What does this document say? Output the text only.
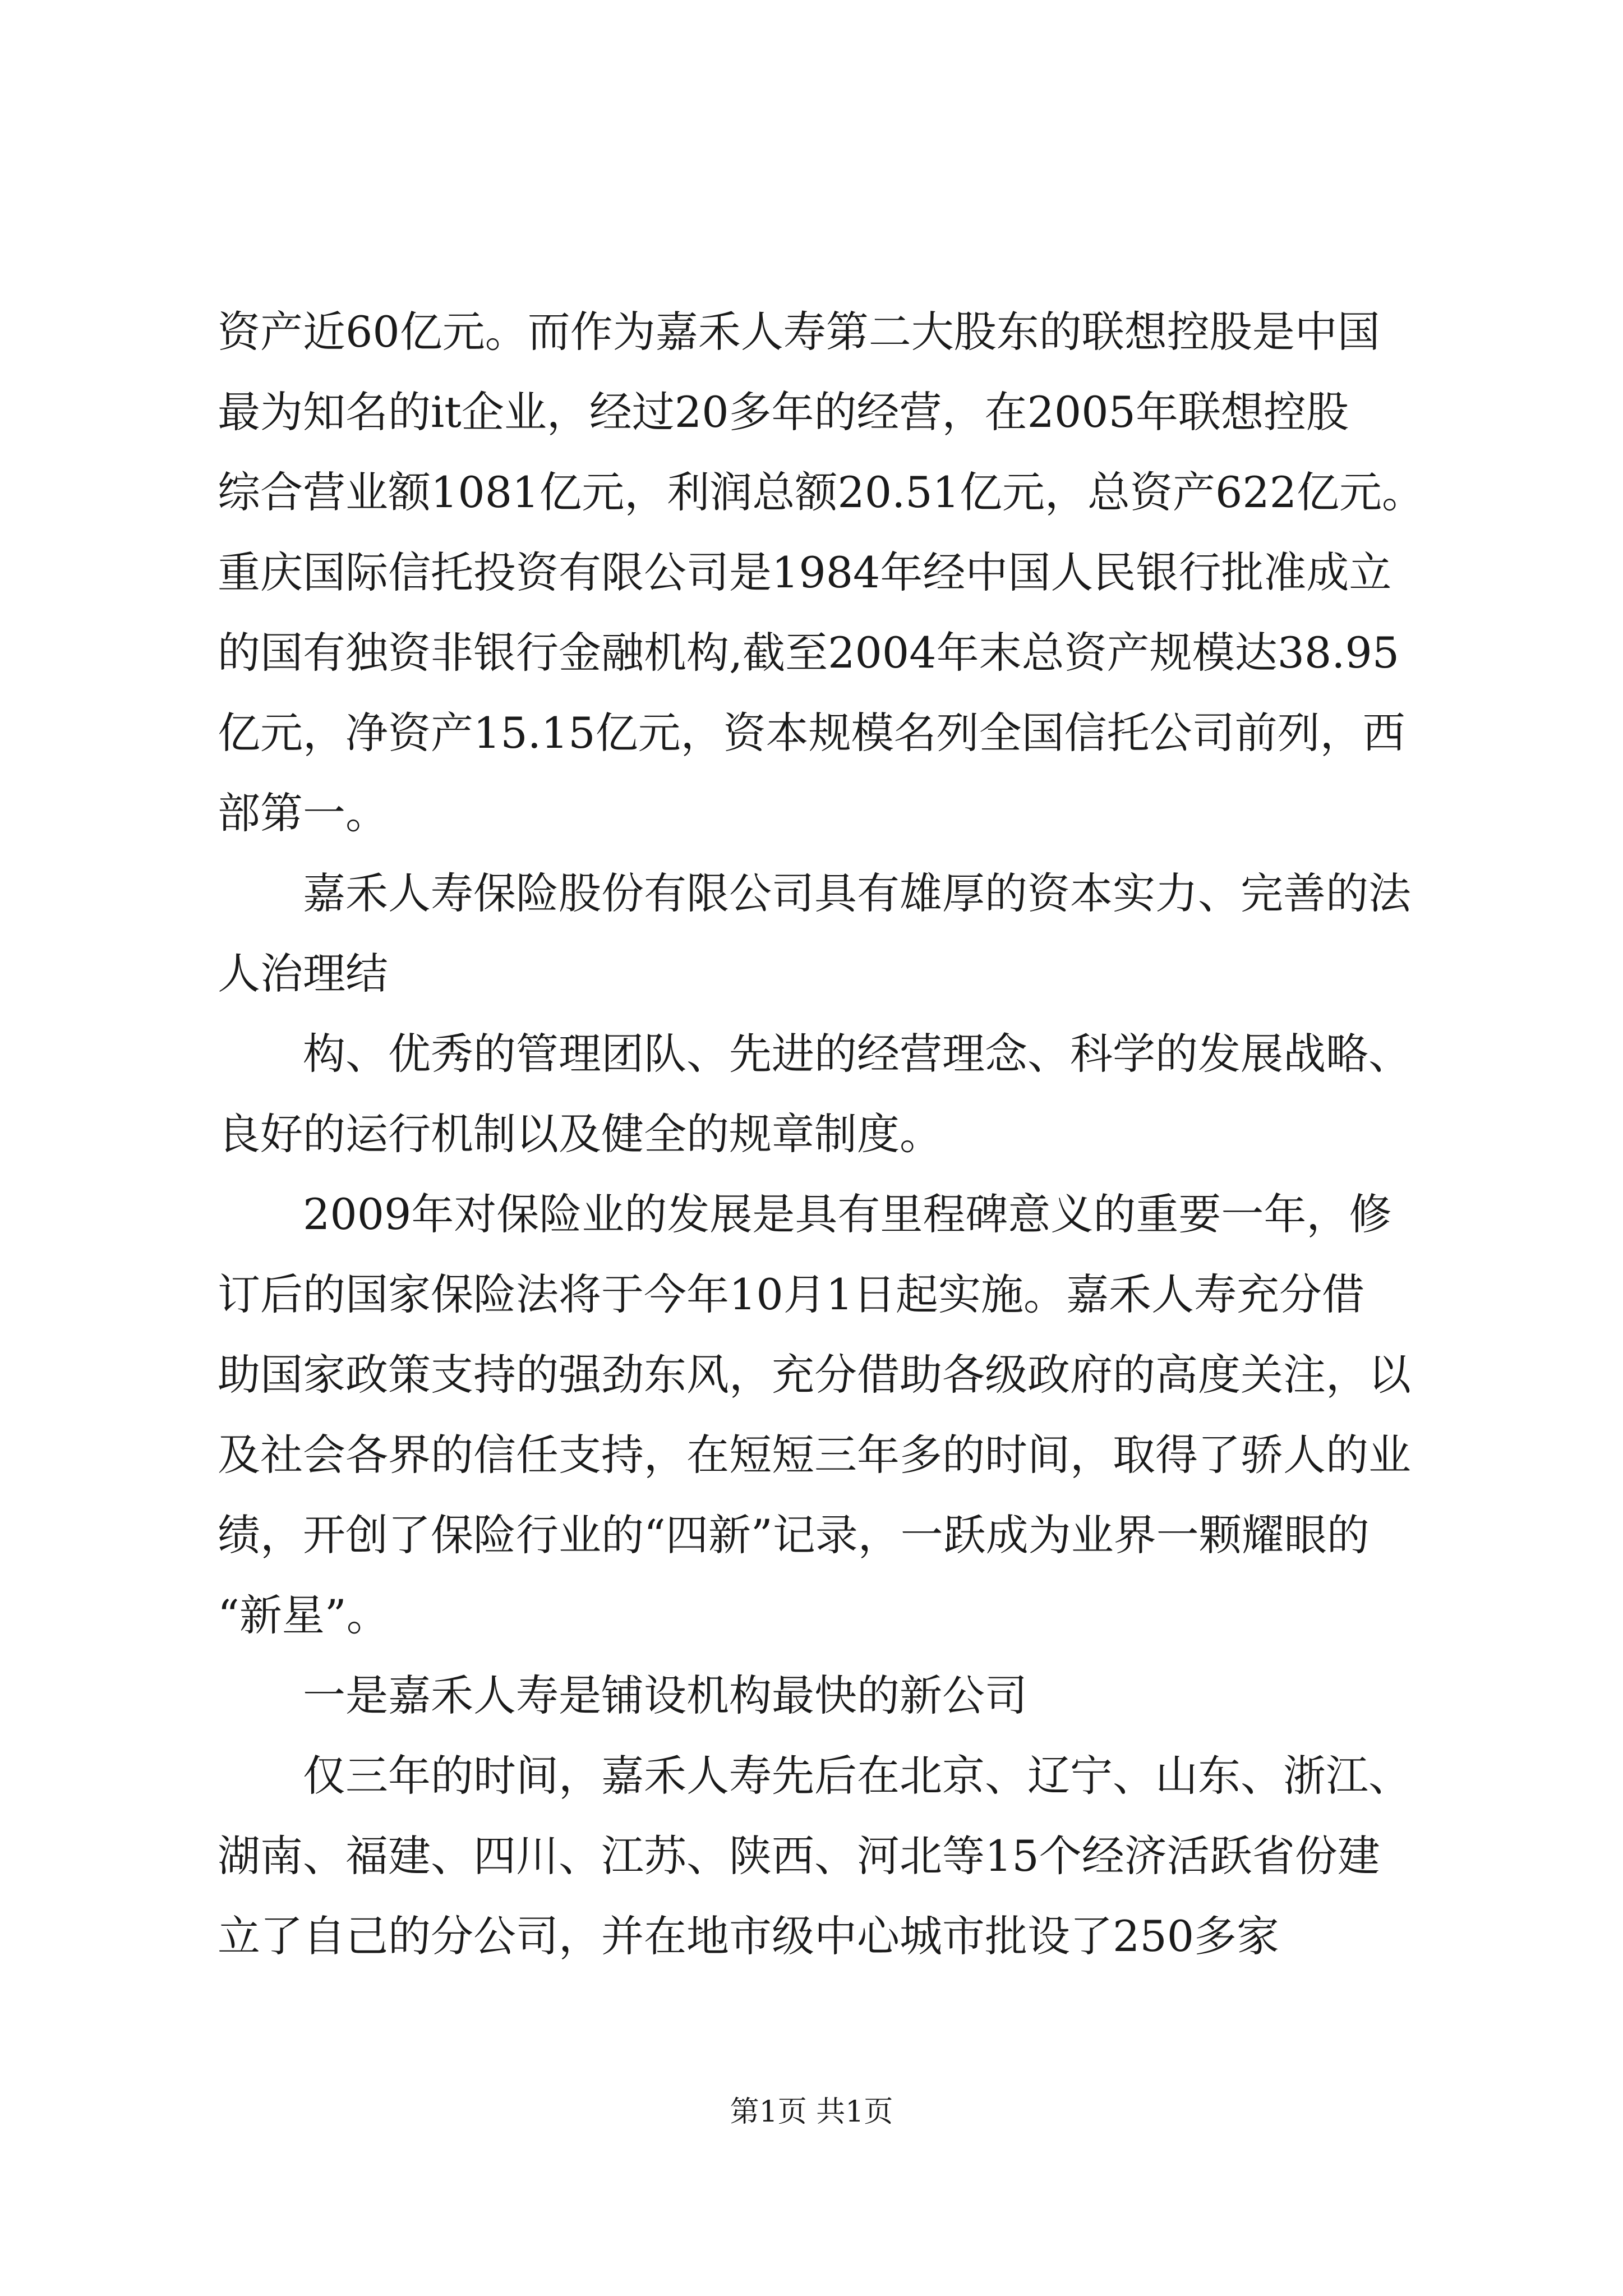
资产近60亿元。而作为嘉禾人寿第二大股东的联想控股是中国
最为知名的it企业，经过20多年的经营，在2005年联想控股
综合营业额1081亿元，利润总额20.51亿元，总资产622亿元。
重庆国际信托投资有限公司是1984年经中国人民银行批准成立
的国有独资非银行金融机构,截至2004年末总资产规模达38.95
亿元，净资产15.15亿元，资本规模名列全国信托公司前列，西
部第一。
嘉禾人寿保险股份有限公司具有雄厚的资本实力、完善的法
人治理结
构、优秀的管理团队、先进的经营理念、科学的发展战略、
良好的运行机制以及健全的规章制度。
2009年对保险业的发展是具有里程碑意义的重要一年，修
订后的国家保险法将于今年10月1日起实施。嘉禾人寿充分借
助国家政策支持的强劲东风，充分借助各级政府的高度关注，以
及社会各界的信任支持，在短短三年多的时间，取得了骄人的业
绩，开创了保险行业的“四新”记录，一跃成为业界一颗耀眼的
“新星”。
一是嘉禾人寿是铺设机构最快的新公司
仅三年的时间，嘉禾人寿先后在北京、辽宁、山东、浙江、
湖南、福建、四川、江苏、陕西、河北等15个经济活跃省份建
立了自己的分公司，并在地市级中心城市批设了250多家
第1页 共1页
